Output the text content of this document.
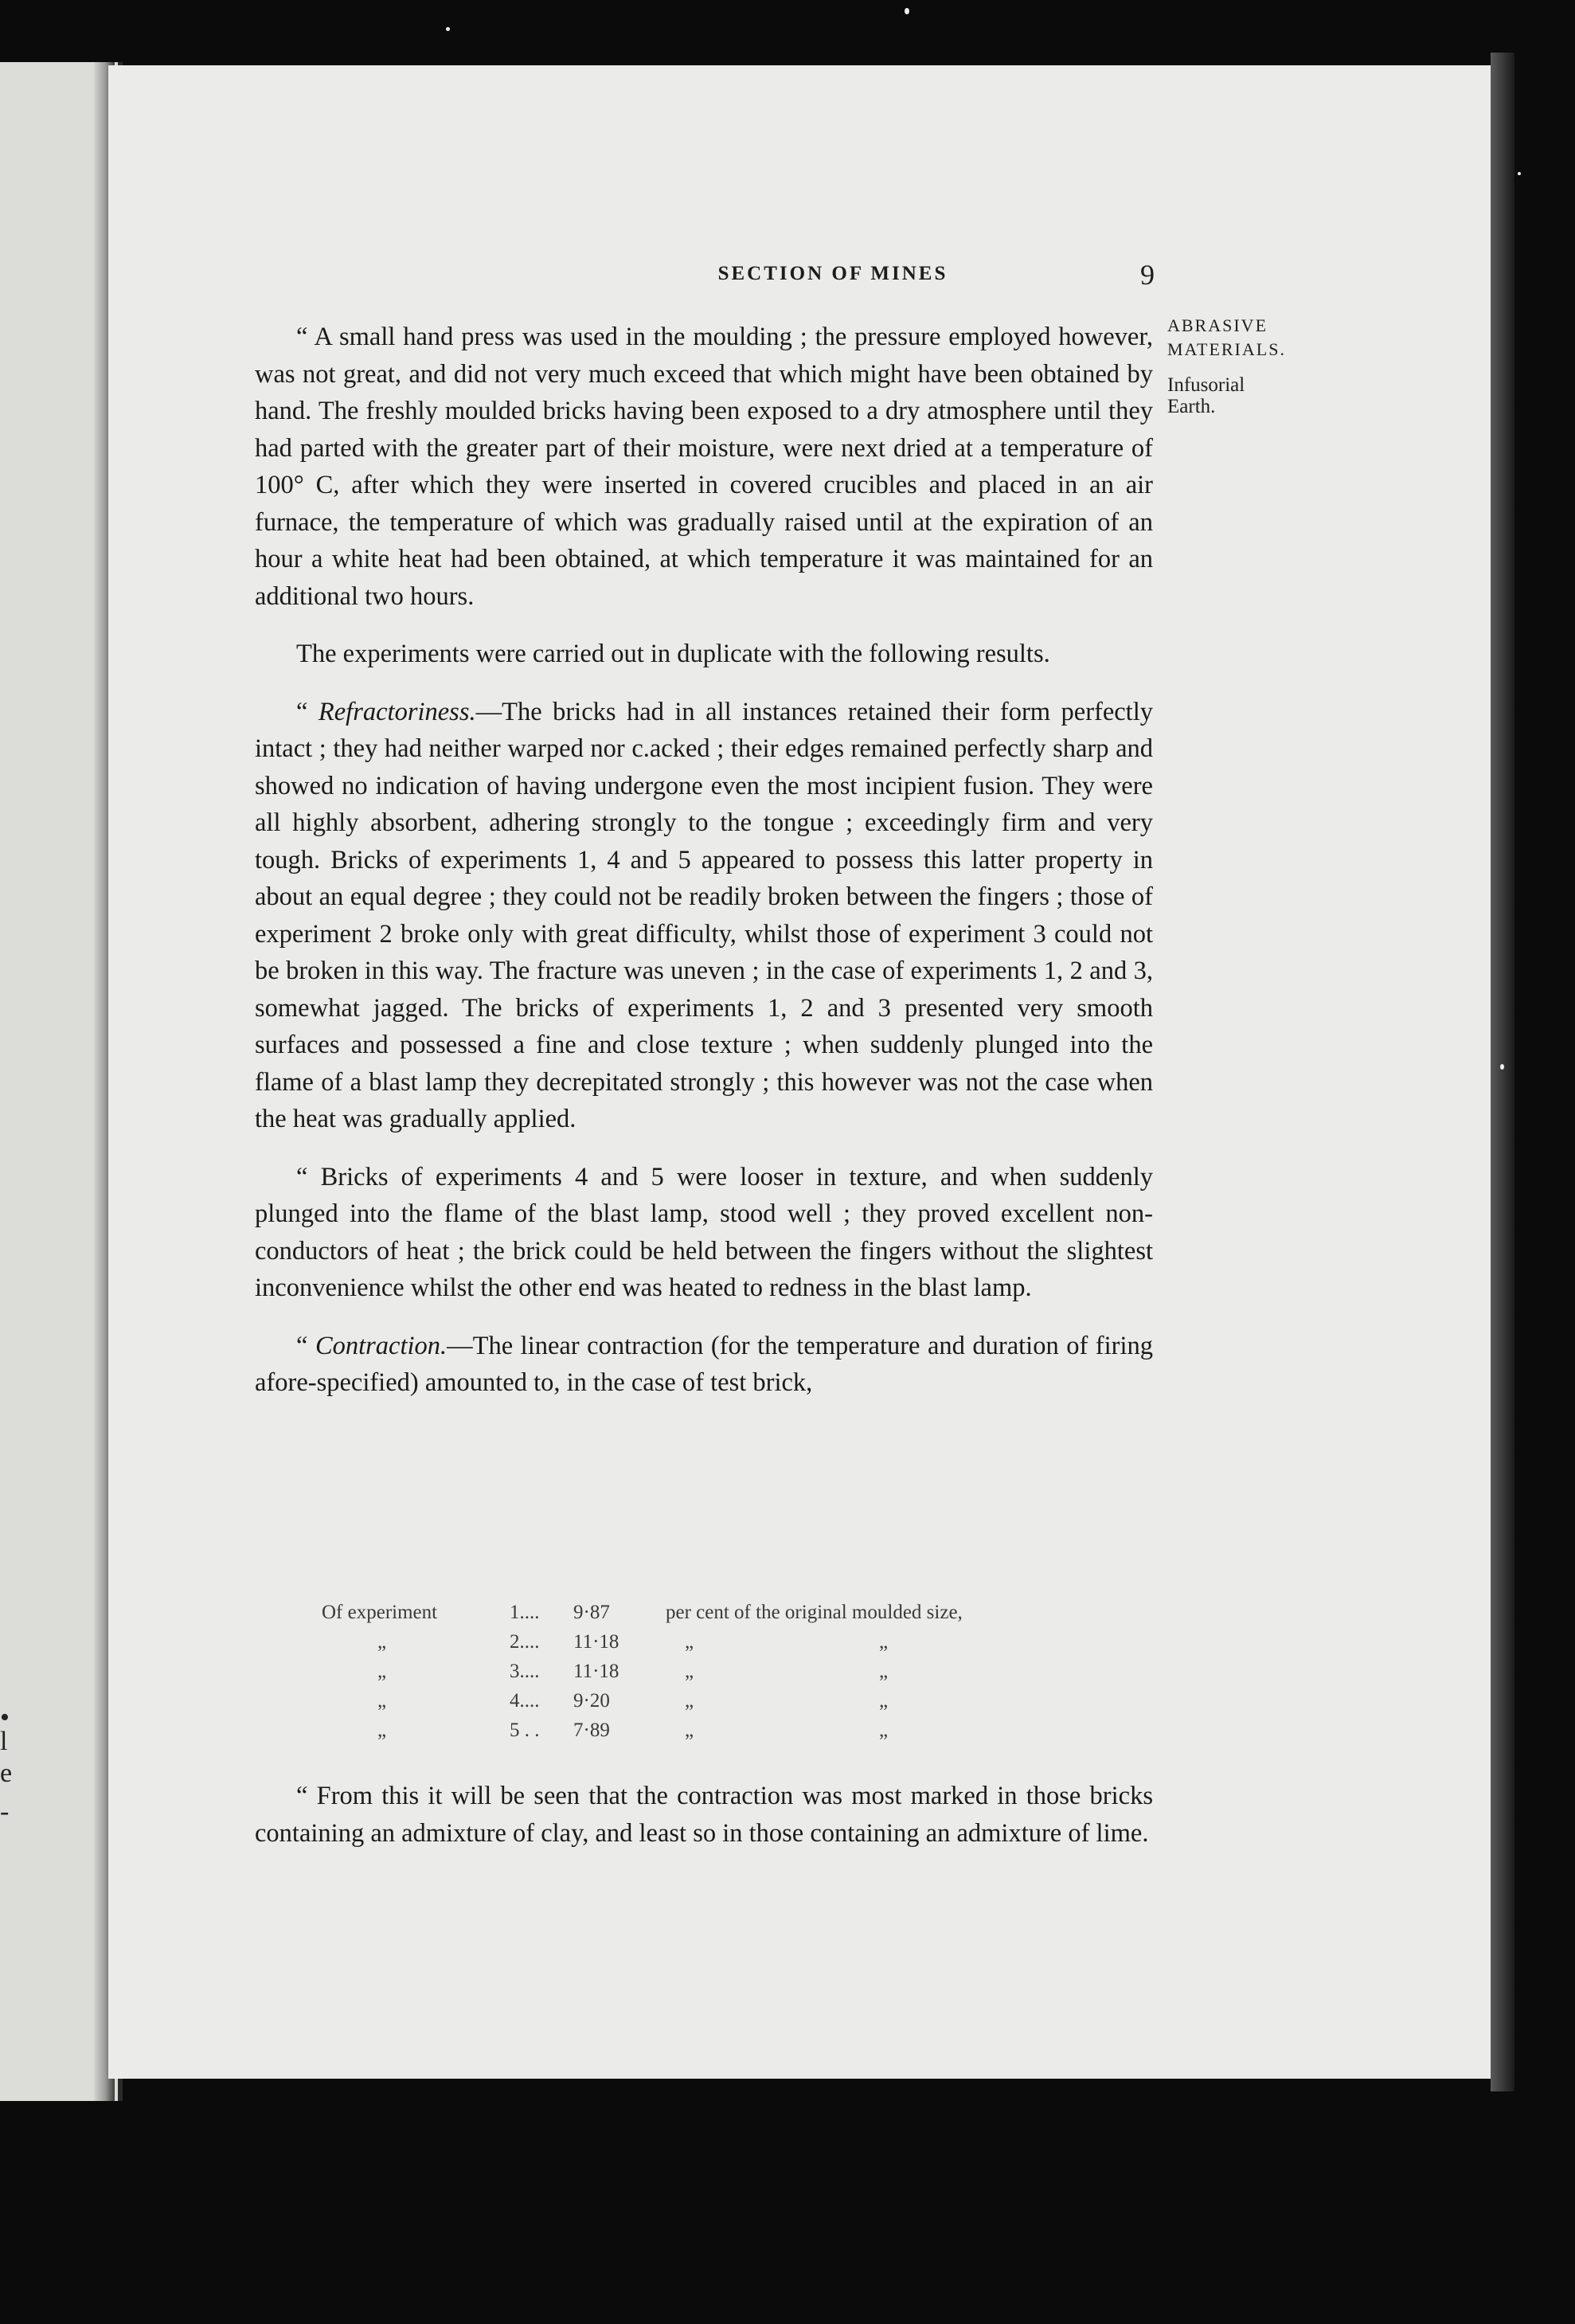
•
l
e
-
SECTION OF MINES	9
ABRASIVE
MATERIALS.
Infusorial
Earth.

“ A small hand press was used in the moulding ; the pressure employed however, was not great, and did not very much exceed that which might have been obtained by hand. The freshly moulded bricks having been exposed to a dry atmosphere until they had parted with the greater part of their moisture, were next dried at a temperature of 100° C, after which they were inserted in covered crucibles and placed in an air furnace, the temperature of which was gradually raised until at the expiration of an hour a white heat had been obtained, at which temperature it was maintained for an additional two hours.

The experiments were carried out in duplicate with the following results.

“ Refractoriness.—The bricks had in all instances retained their form perfectly intact ; they had neither warped nor c.acked ; their edges remained perfectly sharp and showed no indication of having undergone even the most incipient fusion. They were all highly absorbent, adhering strongly to the tongue ; exceedingly firm and very tough. Bricks of experiments 1, 4 and 5 appeared to possess this latter property in about an equal degree ; they could not be readily broken between the fingers ; those of experiment 2 broke only with great difficulty, whilst those of experiment 3 could not be broken in this way. The fracture was uneven ; in the case of experiments 1, 2 and 3, somewhat jagged. The bricks of experiments 1, 2 and 3 presented very smooth surfaces and possessed a fine and close texture ; when suddenly plunged into the flame of a blast lamp they decrepitated strongly ; this however was not the case when the heat was gradually applied.

“ Bricks of experiments 4 and 5 were looser in texture, and when suddenly plunged into the flame of the blast lamp, stood well ; they proved excellent non-conductors of heat ; the brick could be held between the fingers without the slightest inconvenience whilst the other end was heated to redness in the blast lamp.

“ Contraction.—The linear contraction (for the temperature and duration of firing afore-specified) amounted to, in the case of test brick,

Of experiment	1.... 9·87	per cent of the original moulded size,
„	2.... 11·18	„	„
„	3.... 11·18	„	„
„	4.... 9·20	„	„
„	5 . . 7·89	„	„

“ From this it will be seen that the contraction was most marked in those bricks containing an admixture of clay, and least so in those containing an admixture of lime.
